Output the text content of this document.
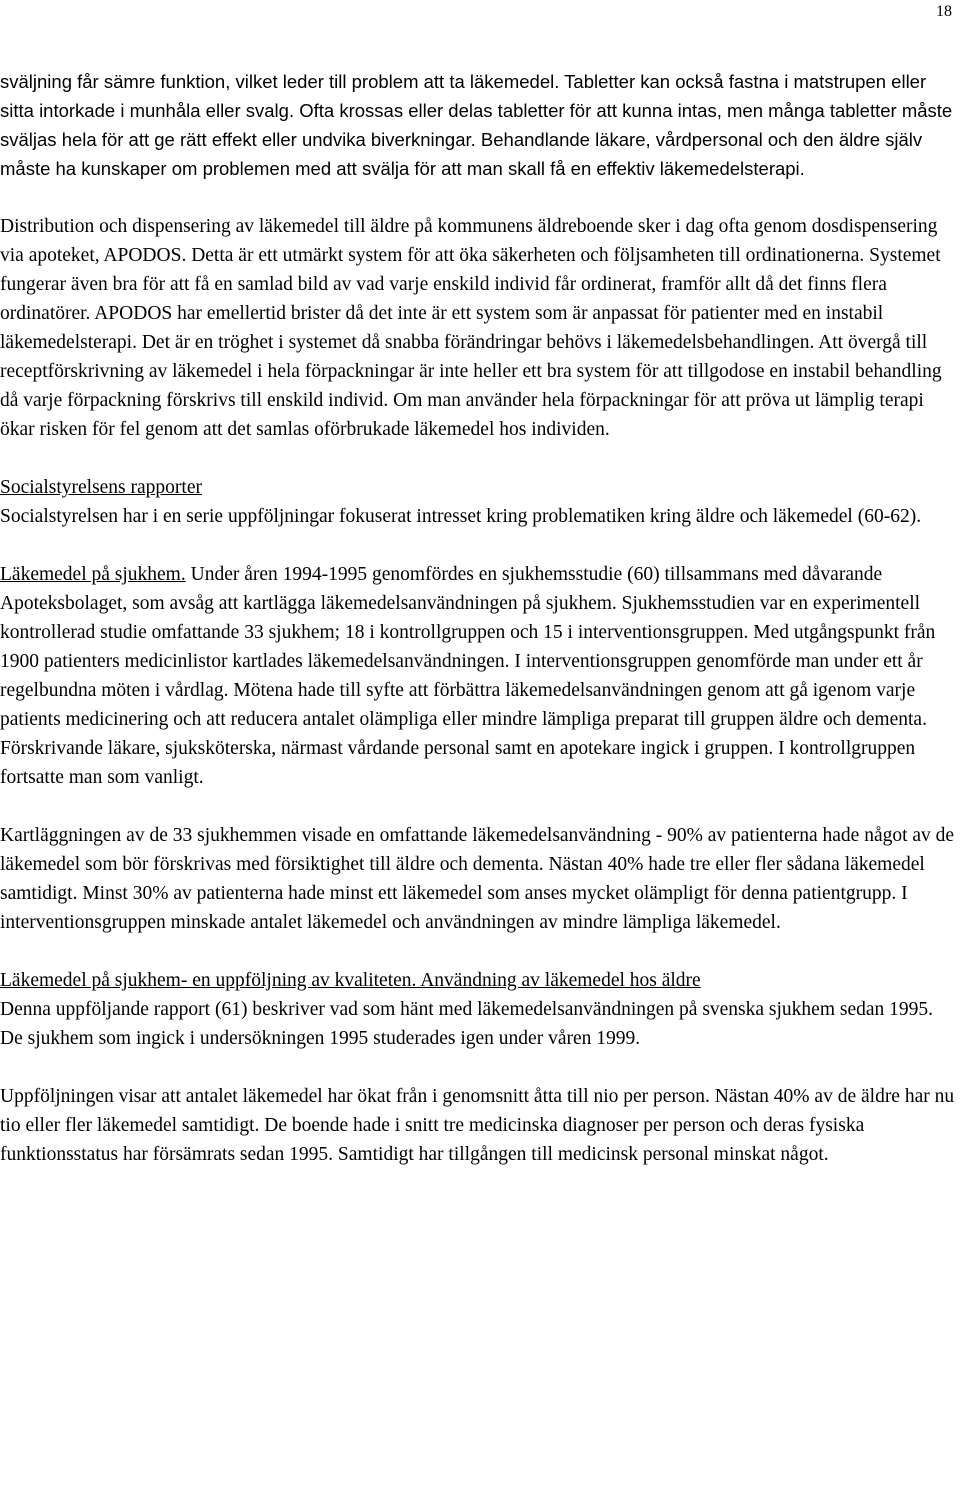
18

sväljning får sämre funktion, vilket leder till problem att ta läkemedel. Tabletter kan också fastna i matstrupen eller sitta intorkade i munhåla eller svalg. Ofta krossas eller delas tabletter för att kunna intas, men många tabletter måste sväljas hela för att ge rätt effekt eller undvika biverkningar. Behandlande läkare, vårdpersonal och den äldre själv måste ha kunskaper om problemen med att svälja för att man skall få en effektiv läkemedelsterapi.

Distribution och dispensering av läkemedel till äldre på kommunens äldreboende sker i dag ofta genom dosdispensering via apoteket, APODOS. Detta är ett utmärkt system för att öka säkerheten och följsamheten till ordinationerna. Systemet fungerar även bra för att få en samlad bild av vad varje enskild individ får ordinerat, framför allt då det finns flera ordinatörer. APODOS har emellertid brister då det inte är ett system som är anpassat för patienter med en instabil läkemedelsterapi. Det är en tröghet i systemet då snabba förändringar behövs i läkemedelsbehandlingen. Att övergå till receptförskrivning av läkemedel i hela förpackningar är inte heller ett bra system för att tillgodose en instabil behandling då varje förpackning förskrivs till enskild individ. Om man använder hela förpackningar för att pröva ut lämplig terapi ökar risken för fel genom att det samlas oförbrukade läkemedel hos individen.

Socialstyrelsens rapporter

Socialstyrelsen har i en serie uppföljningar fokuserat intresset kring problematiken kring äldre och läkemedel (60-62).

Läkemedel på sjukhem. Under åren 1994-1995 genomfördes en sjukhemsstudie (60) tillsammans med dåvarande Apoteksbolaget, som avsåg att kartlägga läkemedelsanvändningen på sjukhem. Sjukhemsstudien var en experimentell kontrollerad studie omfattande 33 sjukhem; 18 i kontrollgruppen och 15 i interventionsgruppen. Med utgångspunkt från 1900 patienters medicinlistor kartlades läkemedelsanvändningen. I interventionsgruppen genomförde man under ett år regelbundna möten i vårdlag. Mötena hade till syfte att förbättra läkemedelsanvändningen genom att gå igenom varje patients medicinering och att reducera antalet olämpliga eller mindre lämpliga preparat till gruppen äldre och dementa. Förskrivande läkare, sjuksköterska, närmast vårdande personal samt en apotekare ingick i gruppen. I kontrollgruppen fortsatte man som vanligt.

Kartläggningen av de 33 sjukhemmen visade en omfattande läkemedelsanvändning - 90% av patienterna hade något av de läkemedel som bör förskrivas med försiktighet till äldre och dementa. Nästan 40% hade tre eller fler sådana läkemedel samtidigt. Minst 30% av patienterna hade minst ett läkemedel som anses mycket olämpligt för denna patientgrupp. I interventionsgruppen minskade antalet läkemedel och användningen av mindre lämpliga läkemedel.

Läkemedel på sjukhem- en uppföljning av kvaliteten. Användning av läkemedel hos äldre

Denna uppföljande rapport (61) beskriver vad som hänt med läkemedelsanvändningen på svenska sjukhem sedan 1995. De sjukhem som ingick i undersökningen 1995 studerades igen under våren 1999.

Uppföljningen visar att antalet läkemedel har ökat från i genomsnitt åtta till nio per person. Nästan 40% av de äldre har nu tio eller fler läkemedel samtidigt. De boende hade i snitt tre medicinska diagnoser per person och deras fysiska funktionsstatus har försämrats sedan 1995. Samtidigt har tillgången till medicinsk personal minskat något.
